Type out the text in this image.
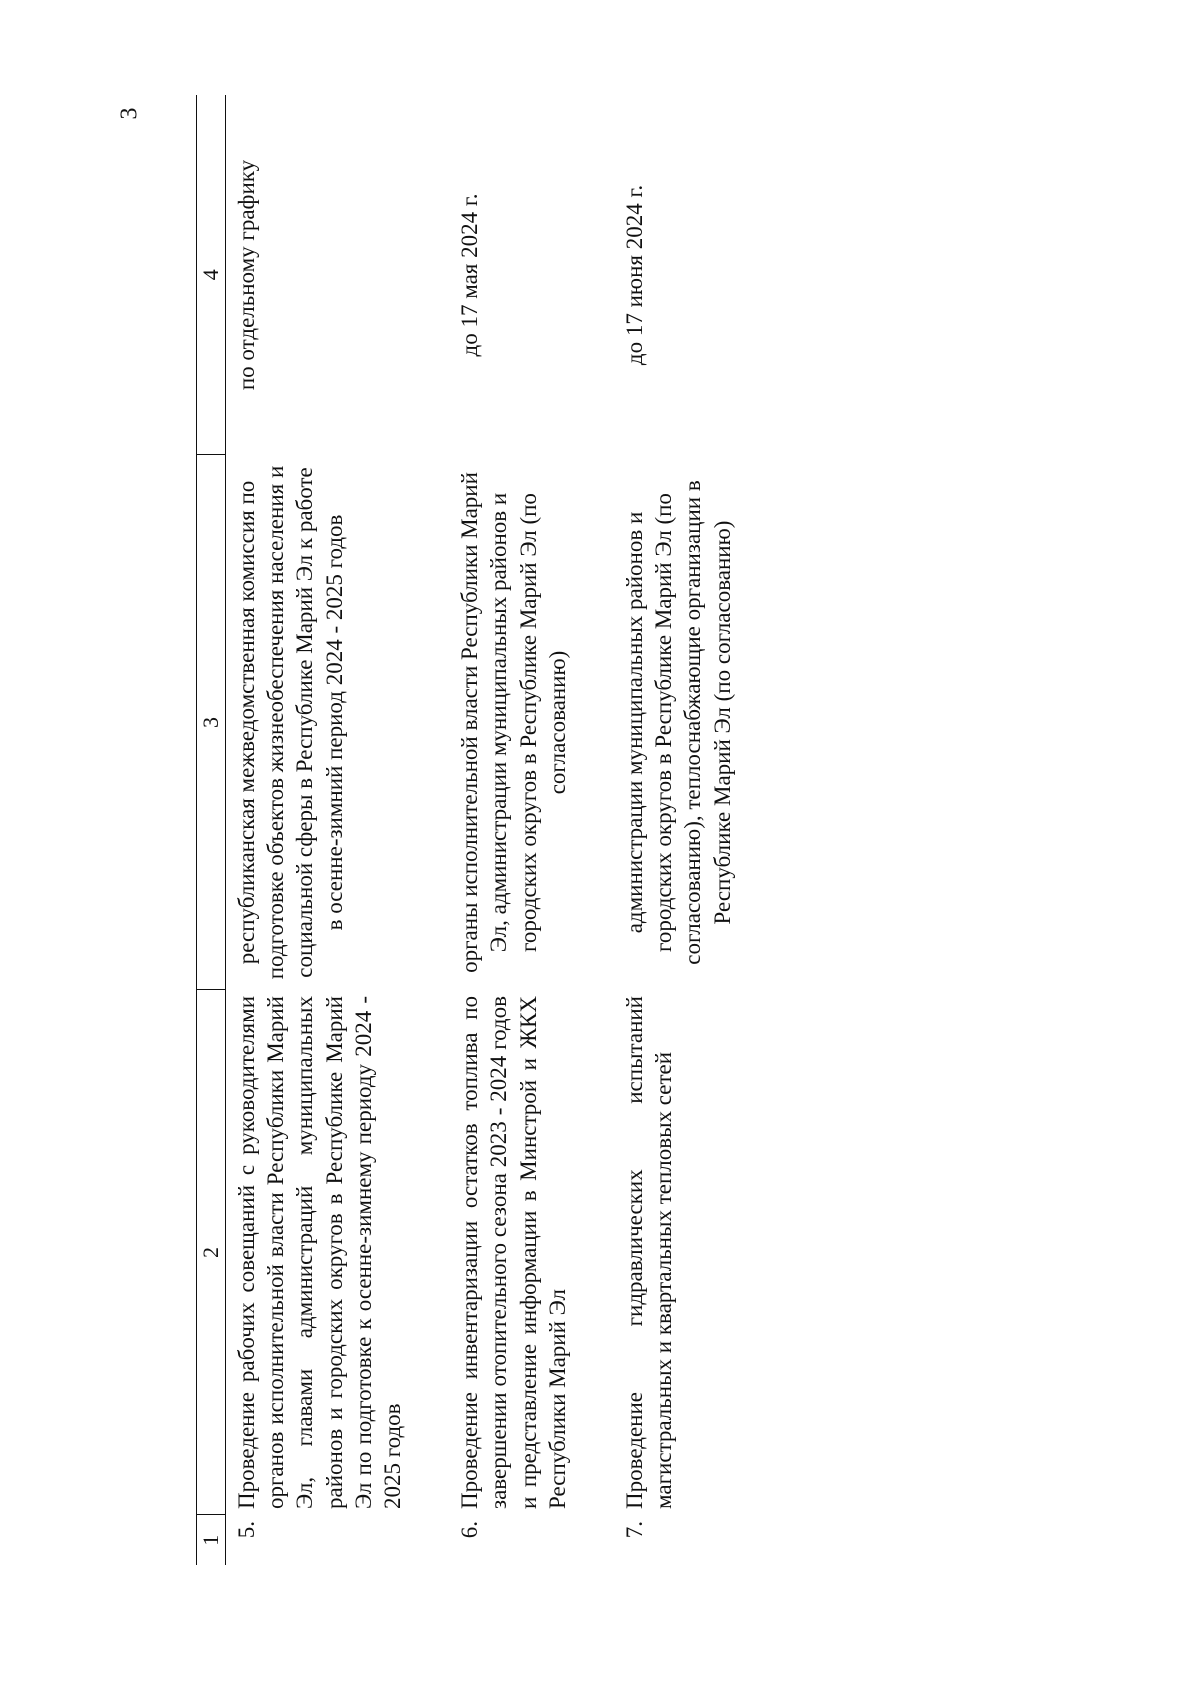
3
1	2	3	4
5.	Проведение рабочих совещаний с руководителями органов исполнительной власти Республики Марий Эл, главами администраций муниципальных районов и городских округов в Республике Марий Эл по подготовке к осенне-зимнему периоду 2024 - 2025 годов	республиканская межведомственная комиссия по подготовке объектов жизнеобеспечения населения и социальной сферы в Республике Марий Эл к работе в осенне-зимний период 2024 - 2025 годов	по отдельному графику
6.	Проведение инвентаризации остатков топлива по завершении отопительного сезона 2023 - 2024 годов и представление информации в Минстрой и ЖКХ Республики Марий Эл	органы исполнительной власти Республики Марий Эл, администрации муниципальных районов и городских округов в Республике Марий Эл (по согласованию)	до 17 мая 2024 г.
7.	Проведение гидравлических испытаний магистральных и квартальных тепловых сетей	администрации муниципальных районов и городских округов в Республике Марий Эл (по согласованию), теплоснабжающие организации в Республике Марий Эл (по согласованию)	до 17 июня 2024 г.
